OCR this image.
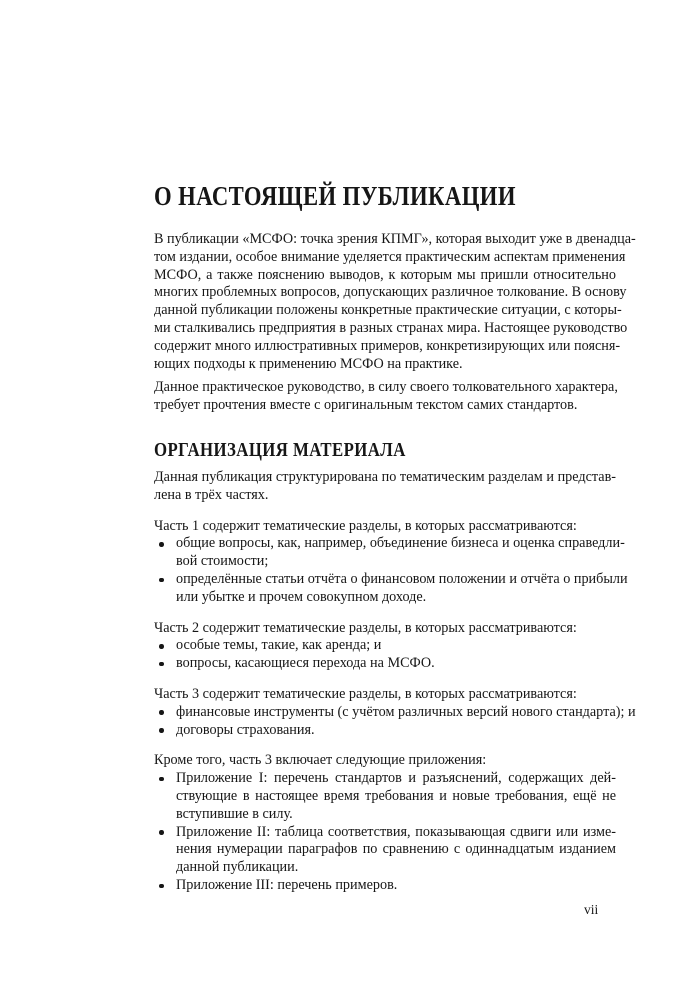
О НАСТОЯЩЕЙ ПУБЛИКАЦИИ

В публикации «МСФО: точка зрения КПМГ», которая выходит уже в двенадца-
том издании, особое внимание уделяется практическим аспектам применения
МСФО, а также пояснению выводов, к которым мы пришли относительно
многих проблемных вопросов, допускающих различное толкование. В основу
данной публикации положены конкретные практические ситуации, с которы-
ми сталкивались предприятия в разных странах мира. Настоящее руководство
содержит много иллюстративных примеров, конкретизирующих или поясня-
ющих подходы к применению МСФО на практике.

Данное практическое руководство, в силу своего толковательного характера,
требует прочтения вместе с оригинальным текстом самих стандартов.

ОРГАНИЗАЦИЯ МАТЕРИАЛА

Данная публикация структурирована по тематическим разделам и представ-
лена в трёх частях.

Часть 1 содержит тематические разделы, в которых рассматриваются:

общие вопросы, как, например, объединение бизнеса и оценка справедли-
вой стоимости;
определённые статьи отчёта о финансовом положении и отчёта о прибыли
или убытке и прочем совокупном доходе.

Часть 2 содержит тематические разделы, в которых рассматриваются:

особые темы, такие, как аренда; и
вопросы, касающиеся перехода на МСФО.

Часть 3 содержит тематические разделы, в которых рассматриваются:

финансовые инструменты (с учётом различных версий нового стандарта); и
договоры страхования.

Кроме того, часть 3 включает следующие приложения:

Приложение I: перечень стандартов и разъяснений, содержащих дей-
ствующие в настоящее время требования и новые требования, ещё не
вступившие в силу.
Приложение II: таблица соответствия, показывающая сдвиги или изме-
нения нумерации параграфов по сравнению с одиннадцатым изданием
данной публикации.
Приложение III: перечень примеров.
vii
